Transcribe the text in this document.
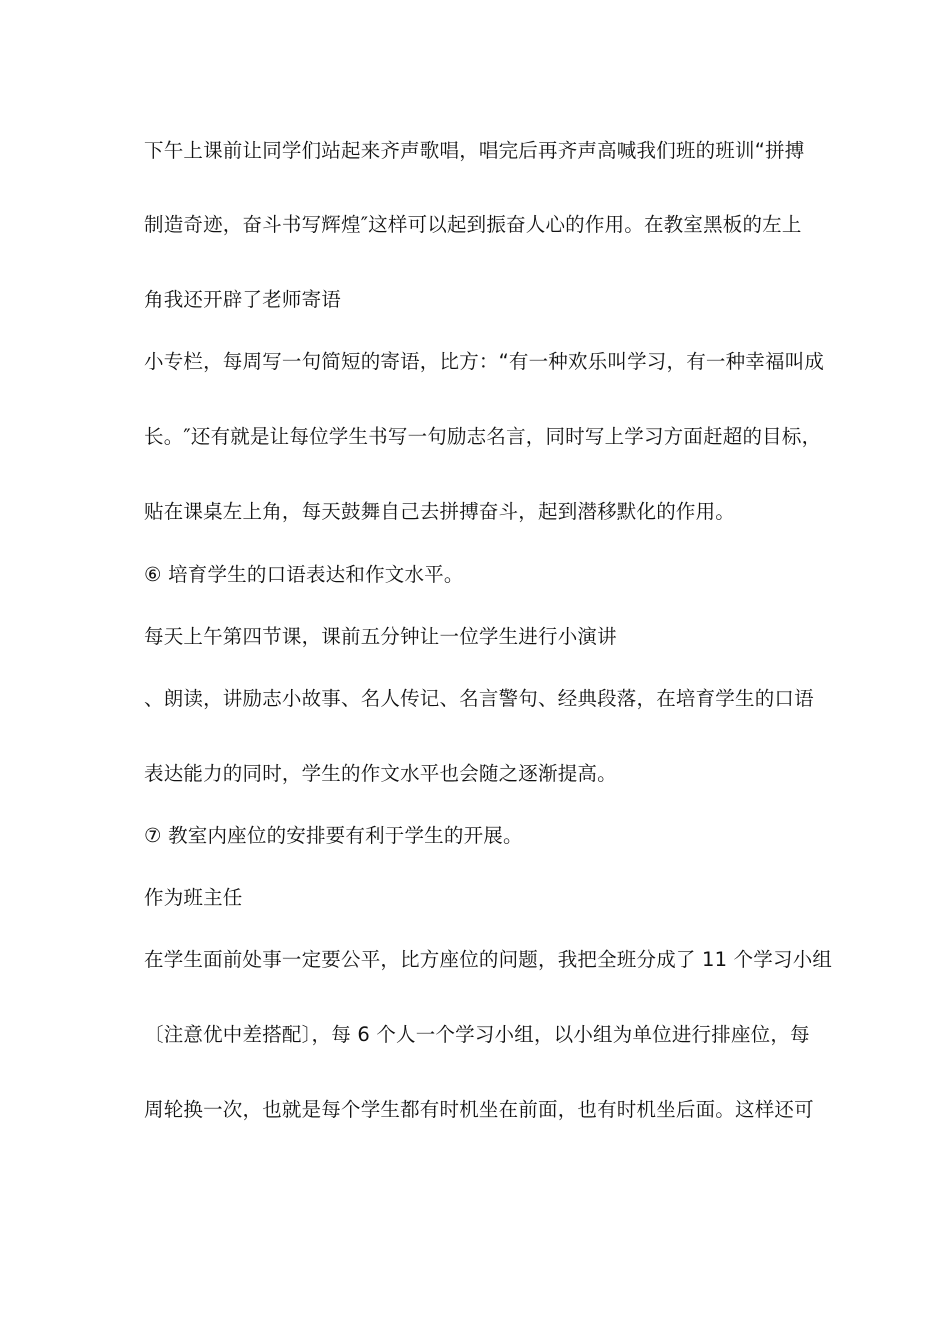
下午上课前让同学们站起来齐声歌唱，唱完后再齐声高喊我们班的班训“拼搏
制造奇迹，奋斗书写辉煌″这样可以起到振奋人心的作用。在教室黑板的左上
角我还开辟了老师寄语
小专栏，每周写一句简短的寄语，比方：“有一种欢乐叫学习，有一种幸福叫成
长。″还有就是让每位学生书写一句励志名言，同时写上学习方面赶超的目标，
贴在课桌左上角，每天鼓舞自己去拼搏奋斗，起到潜移默化的作用。
⑥ 培育学生的口语表达和作文水平。
每天上午第四节课，课前五分钟让一位学生进行小演讲
、朗读，讲励志小故事、名人传记、名言警句、经典段落，在培育学生的口语
表达能力的同时，学生的作文水平也会随之逐渐提高。
⑦ 教室内座位的安排要有利于学生的开展。
作为班主任
在学生面前处事一定要公平，比方座位的问题，我把全班分成了 11 个学习小组
〔注意优中差搭配〕，每 6 个人一个学习小组，以小组为单位进行排座位，每
周轮换一次，也就是每个学生都有时机坐在前面，也有时机坐后面。这样还可
